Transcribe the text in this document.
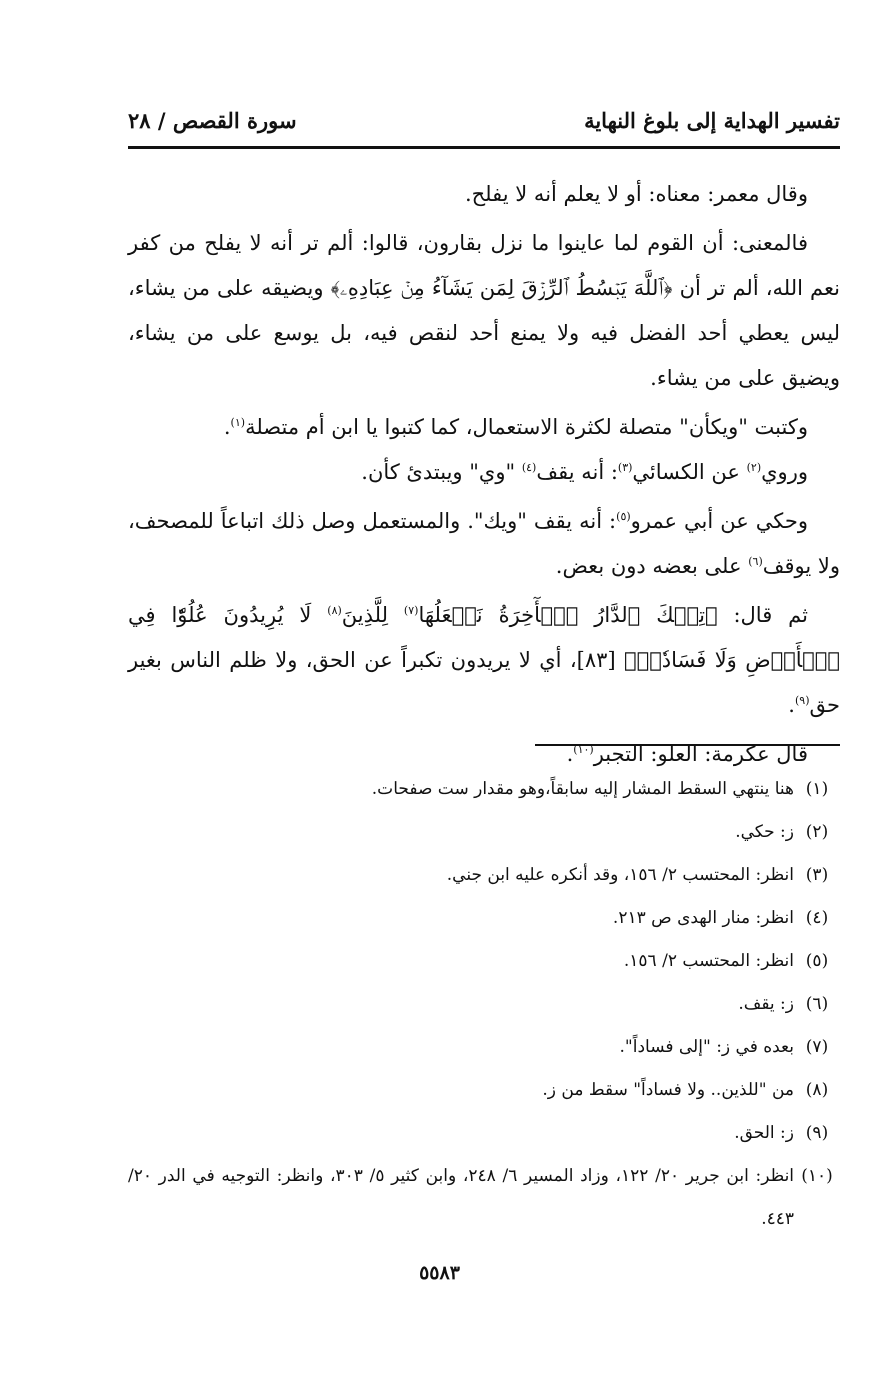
تفسير الهداية إلى بلوغ النهاية
سورة القصص / ٢٨

وقال معمر: معناه: أو لا يعلم أنه لا يفلح.

فالمعنى: أن القوم لما عاينوا ما نزل بقارون، قالوا: ألم تر أنه لا يفلح من كفر نعم الله، ألم تر أن ﴿ٱللَّهَ يَبۡسُطُ ٱلرِّزۡقَ لِمَن يَشَآءُ مِنۡ عِبَادِهِۦ﴾ ويضيقه على من يشاء، ليس يعطي أحد الفضل فيه ولا يمنع أحد لنقص فيه، بل يوسع على من يشاء، ويضيق على من يشاء.

وكتبت "ويكأن" متصلة لكثرة الاستعمال، كما كتبوا يا ابن أم متصلة$^{(١)}$.

وروي$^{(٢)}$ عن الكسائي$^{(٣)}$: أنه يقف$^{(٤)}$ "وي" ويبتدئ كأن.

وحكي عن أبي عمرو$^{(٥)}$: أنه يقف "ويك". والمستعمل وصل ذلك اتباعاً للمصحف، ولا يوقف$^{(٦)}$ على بعضه دون بعض.

ثم قال: ﴿تِلۡكَ ٱلدَّارُ ٱلۡأٓخِرَةُ نَجۡعَلُهَا$^{(٧)}$ لِلَّذِينَ$^{(٨)}$ لَا يُرِيدُونَ عُلُوّٗا فِي ٱلۡأَرۡضِ وَلَا فَسَادٗاۚ﴾ [٨٣]، أي لا يريدون تكبراً عن الحق، ولا ظلم الناس بغير حق$^{(٩)}$.

قال عكرمة: العلو: التجبر$^{(١٠)}$.

(١)
هنا ينتهي السقط المشار إليه سابقاً،وهو مقدار ست صفحات.
(٢)
ز: حكي.
(٣)
انظر: المحتسب ٢/ ١٥٦، وقد أنكره عليه ابن جني.
(٤)
انظر: منار الهدى ص ٢١٣.
(٥)
انظر: المحتسب ٢/ ١٥٦.
(٦)
ز: يقف.
(٧)
بعده في ز: "إلى فساداً".
(٨)
من "للذين.. ولا فساداً" سقط من ز.
(٩)
ز: الحق.
(١٠)
انظر: ابن جرير ٢٠/ ١٢٢، وزاد المسير ٦/ ٢٤٨، وابن كثير ٥/ ٣٠٣، وانظر: التوجيه في الدر ٢٠/ ٤٤٣.
٥٥٨٣
